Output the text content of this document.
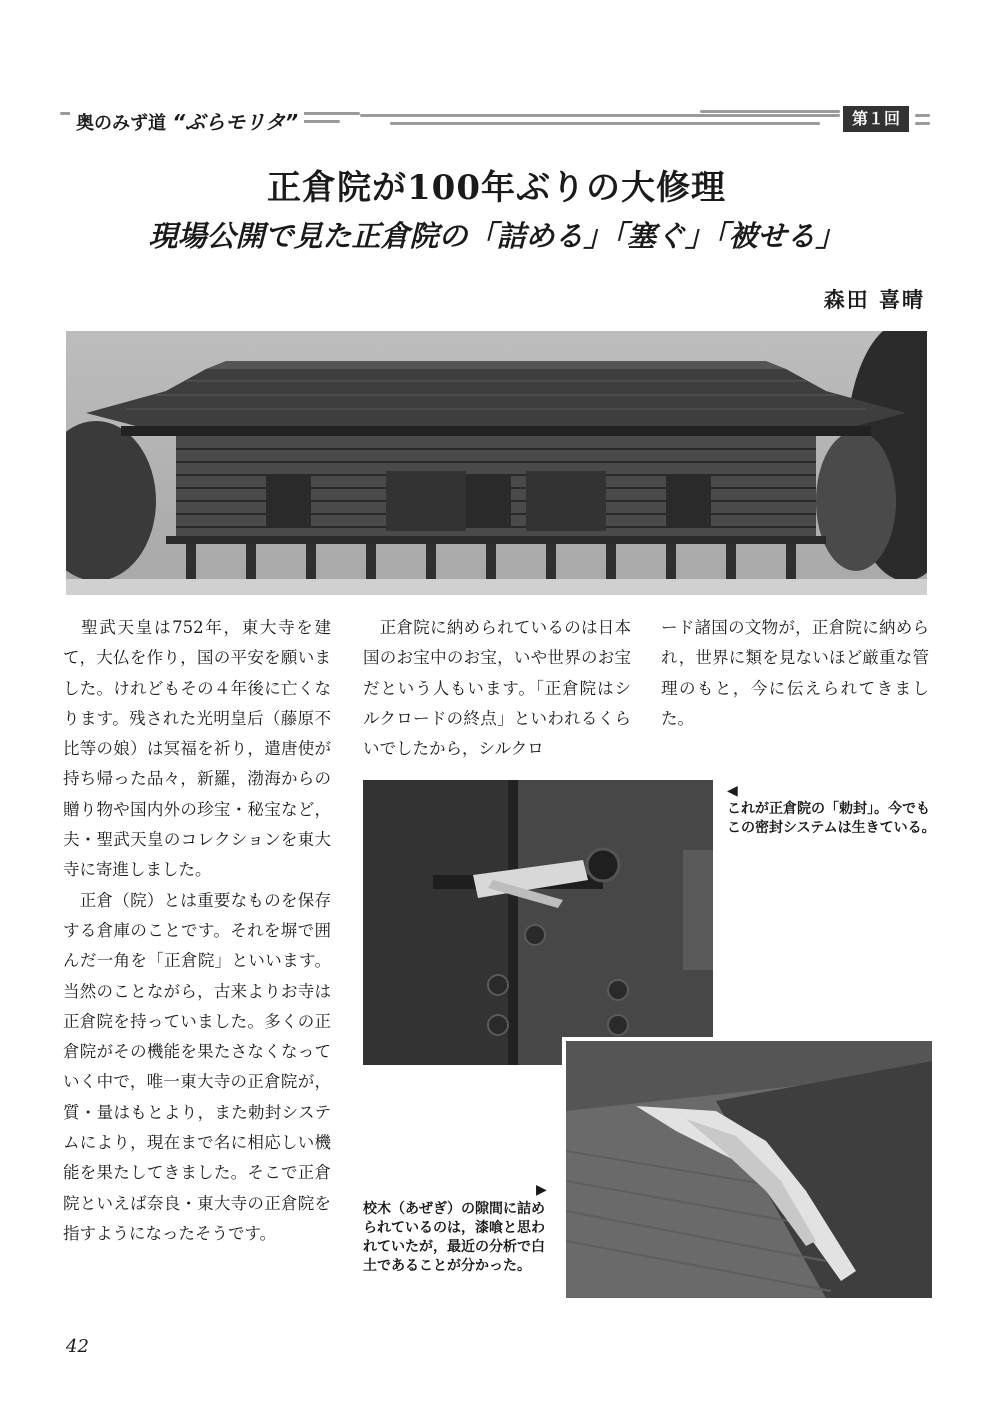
奥のみず道 “ぶらモリタ”	第１回
正倉院が100年ぶりの大修理
現場公開で見た正倉院の「詰める」「塞ぐ」「被せる」
森田 喜晴
　聖武天皇は752年，東大寺を建て，大仏を作り，国の平安を願いました。けれどもその４年後に亡くなります。残された光明皇后（藤原不比等の娘）は冥福を祈り，遣唐使が持ち帰った品々，新羅，渤海からの贈り物や国内外の珍宝・秘宝など，夫・聖武天皇のコレクションを東大寺に寄進しました。
　正倉（院）とは重要なものを保存する倉庫のことです。それを塀で囲んだ一角を「正倉院」といいます。当然のことながら，古来よりお寺は正倉院を持っていました。多くの正倉院がその機能を果たさなくなっていく中で，唯一東大寺の正倉院が，質・量はもとより，また勅封システムにより，現在まで名に相応しい機能を果たしてきました。そこで正倉院といえば奈良・東大寺の正倉院を指すようになったそうです。
　正倉院に納められているのは日本国のお宝中のお宝，いや世界のお宝だという人もいます。「正倉院はシルクロードの終点」といわれるくらいでしたから，シルクロ
ード諸国の文物が，正倉院に納められ，世界に類を見ないほど厳重な管理のもと，今に伝えられてきました。
◀
これが正倉院の「勅封」。今でもこの密封システムは生きている。
▶
校木（あぜぎ）の隙間に詰められているのは，漆喰と思われていたが，最近の分析で白土であることが分かった。
42
